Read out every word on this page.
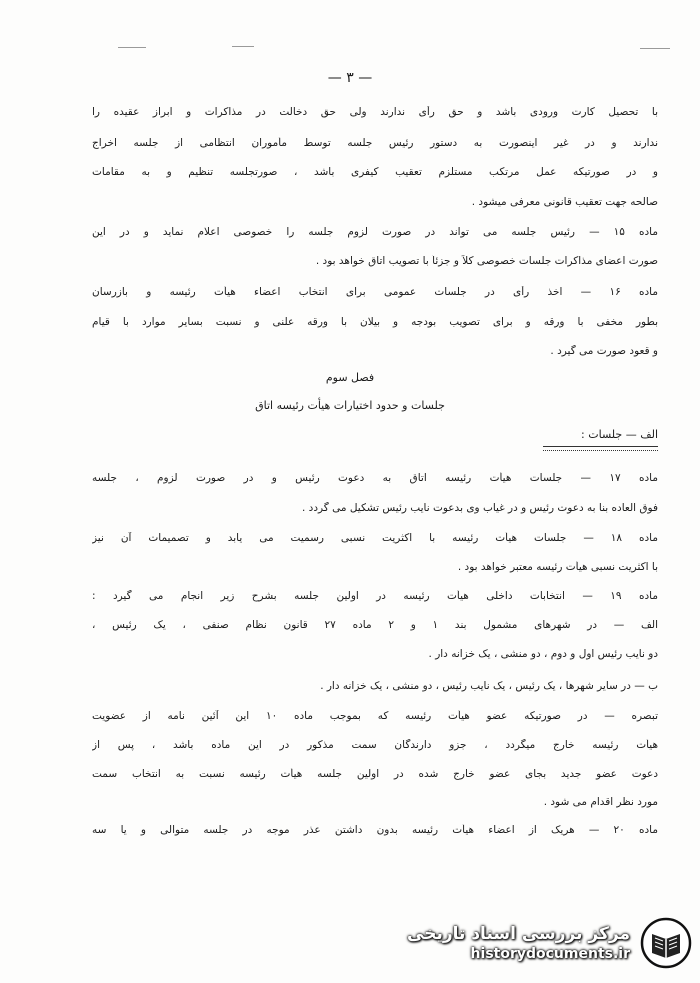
— ۳ —
با تحصیل کارت ورودی باشد و حق رأی ندارند ولی حق دخالت در مذاکرات و ابراز عقیده را
ندارند و در غیر اینصورت به دستور رئیس جلسه توسط مأموران انتظامی از جلسه اخراج
و در صورتیکه عمل مرتکب مستلزم تعقیب کیفری باشد ، صورتجلسه تنظیم و به مقامات
صالحه جهت تعقیب قانونی معرفی میشود .
ماده ۱۵ — رئیس جلسه می تواند در صورت لزوم جلسه را خصوصی اعلام نماید و در این
صورت اعضای مذاکرات جلسات خصوصی کلاً و جزئاً با تصویب اتاق خواهد بود .
ماده ۱۶ — اخذ رأی در جلسات عمومی برای انتخاب اعضاء هیأت رئیسه و بازرسان
بطور مخفی با ورقه و برای تصویب بودجه و بیلان با ورقه علنی و نسبت بسایر موارد با قیام
و قعود صورت می گیرد .
فصل سوم
جلسات و حدود اختیارات هیأت رئیسه اتاق
الف — جلسات :
ماده ۱۷ — جلسات هیأت رئیسه اتاق به دعوت رئیس و در صورت لزوم ، جلسه
فوق العاده بنا به دعوت رئیس و در غیاب وی بدعوت نایب رئیس تشکیل می گردد .
ماده ۱۸ — جلسات هیأت رئیسه با اکثریت نسبی رسمیت می یابد و تصمیمات آن نیز
با اکثریت نسبی هیأت رئیسه معتبر خواهد بود .
ماده ۱۹ — انتخابات داخلی هیأت رئیسه در اولین جلسه بشرح زیر انجام می گیرد :
الف — در شهرهای مشمول بند ۱ و ۲ ماده ۲۷ قانون نظام صنفی ، یک رئیس ،
دو نایب رئیس اول و دوم ، دو منشی ، یک خزانه دار .
ب — در سایر شهرها ، یک رئیس ، یک نایب رئیس ، دو منشی ، یک خزانه دار .
تبصره — در صورتیکه عضو هیأت رئیسه که بموجب ماده ۱۰ این آئین نامه از عضویت
هیأت رئیسه خارج میگردد ، جزو دارندگان سمت مذکور در این ماده باشد ، پس از
دعوت عضو جدید بجای عضو خارج شده در اولین جلسه هیأت رئیسه نسبت به انتخاب سمت
مورد نظر اقدام می شود .
ماده ۲۰ — هریک از اعضاء هیأت رئیسه بدون داشتن عذر موجه در جلسه متوالی و یا سه
مرکز بررسی اسناد تاریخی
historydocuments.ir
